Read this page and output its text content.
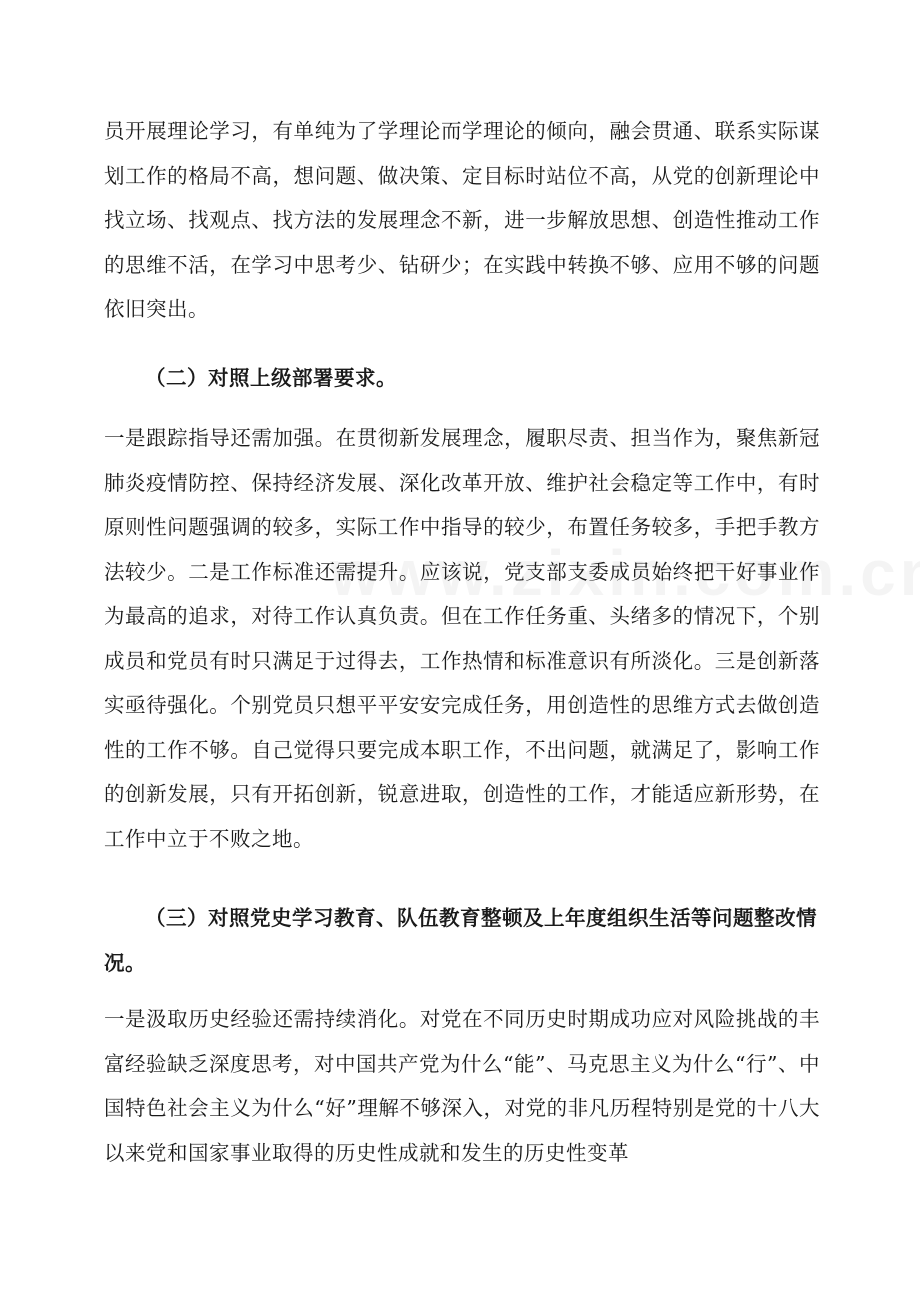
员开展理论学习，有单纯为了学理论而学理论的倾向，融会贯通、联系实际谋划工作的格局不高，想问题、做决策、定目标时站位不高，从党的创新理论中找立场、找观点、找方法的发展理念不新，进一步解放思想、创造性推动工作的思维不活，在学习中思考少、钻研少；在实践中转换不够、应用不够的问题依旧突出。

（二）对照上级部署要求。

一是跟踪指导还需加强。在贯彻新发展理念，履职尽责、担当作为，聚焦新冠肺炎疫情防控、保持经济发展、深化改革开放、维护社会稳定等工作中，有时原则性问题强调的较多，实际工作中指导的较少，布置任务较多，手把手教方法较少。二是工作标准还需提升。应该说，党支部支委成员始终把干好事业作为最高的追求，对待工作认真负责。但在工作任务重、头绪多的情况下，个别成员和党员有时只满足于过得去，工作热情和标准意识有所淡化。三是创新落实亟待强化。个别党员只想平平安安完成任务，用创造性的思维方式去做创造性的工作不够。自己觉得只要完成本职工作，不出问题，就满足了，影响工作的创新发展，只有开拓创新，锐意进取，创造性的工作，才能适应新形势，在工作中立于不败之地。

（三）对照党史学习教育、队伍教育整顿及上年度组织生活等问题整改情况。

一是汲取历史经验还需持续消化。对党在不同历史时期成功应对风险挑战的丰富经验缺乏深度思考，对中国共产党为什么“能”、马克思主义为什么“行”、中国特色社会主义为什么“好”理解不够深入，对党的非凡历程特别是党的十八大以来党和国家事业取得的历史性成就和发生的历史性变革
